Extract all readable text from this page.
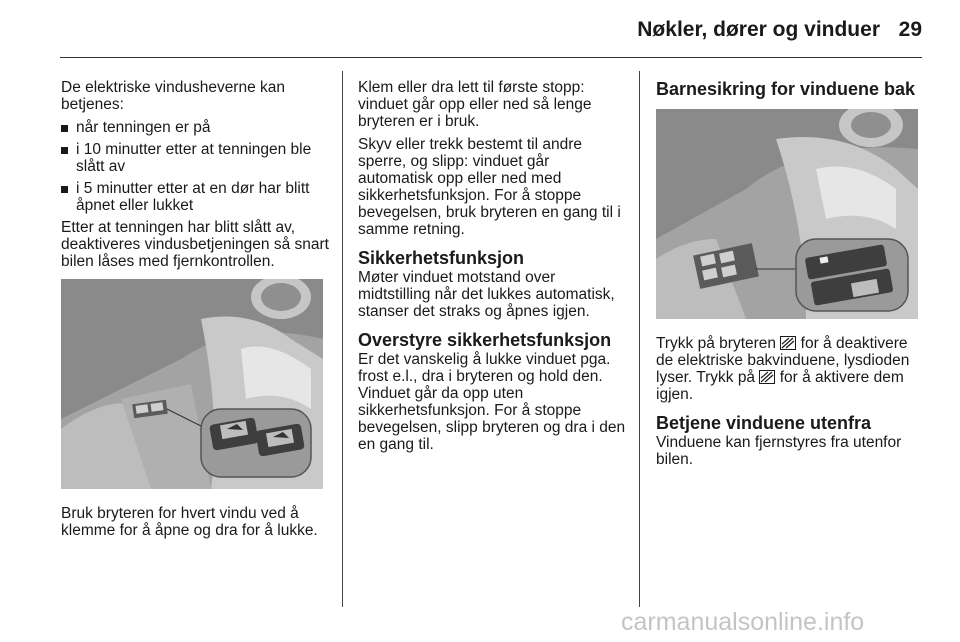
Nøkler, dører og vinduer 29

De elektriske vindusheverne kan betjenes:

når tenningen er på
i 10 minutter etter at tenningen ble slått av
i 5 minutter etter at en dør har blitt åpnet eller lukket

Etter at tenningen har blitt slått av, deaktiveres vindusbetjeningen så snart bilen låses med fjernkontrollen.

Bruk bryteren for hvert vindu ved å klemme for å åpne og dra for å lukke.

Klem eller dra lett til første stopp: vinduet går opp eller ned så lenge bryteren er i bruk.

Skyv eller trekk bestemt til andre sperre, og slipp: vinduet går automatisk opp eller ned med sikkerhetsfunksjon. For å stoppe bevegelsen, bruk bryteren en gang til i samme retning.

Sikkerhetsfunksjon

Møter vinduet motstand over midtstilling når det lukkes automatisk, stanser det straks og åpnes igjen.

Overstyre sikkerhetsfunksjon

Er det vanskelig å lukke vinduet pga. frost e.l., dra i bryteren og hold den. Vinduet går da opp uten sikkerhetsfunksjon. For å stoppe bevegelsen, slipp bryteren og dra i den en gang til.

Barnesikring for vinduene bak

Trykk på bryteren for å deaktivere de elektriske bakvinduene, lysdioden lyser. Trykk på for å aktivere dem igjen.

Betjene vinduene utenfra

Vinduene kan fjernstyres fra utenfor bilen.

carmanualsonline.info
